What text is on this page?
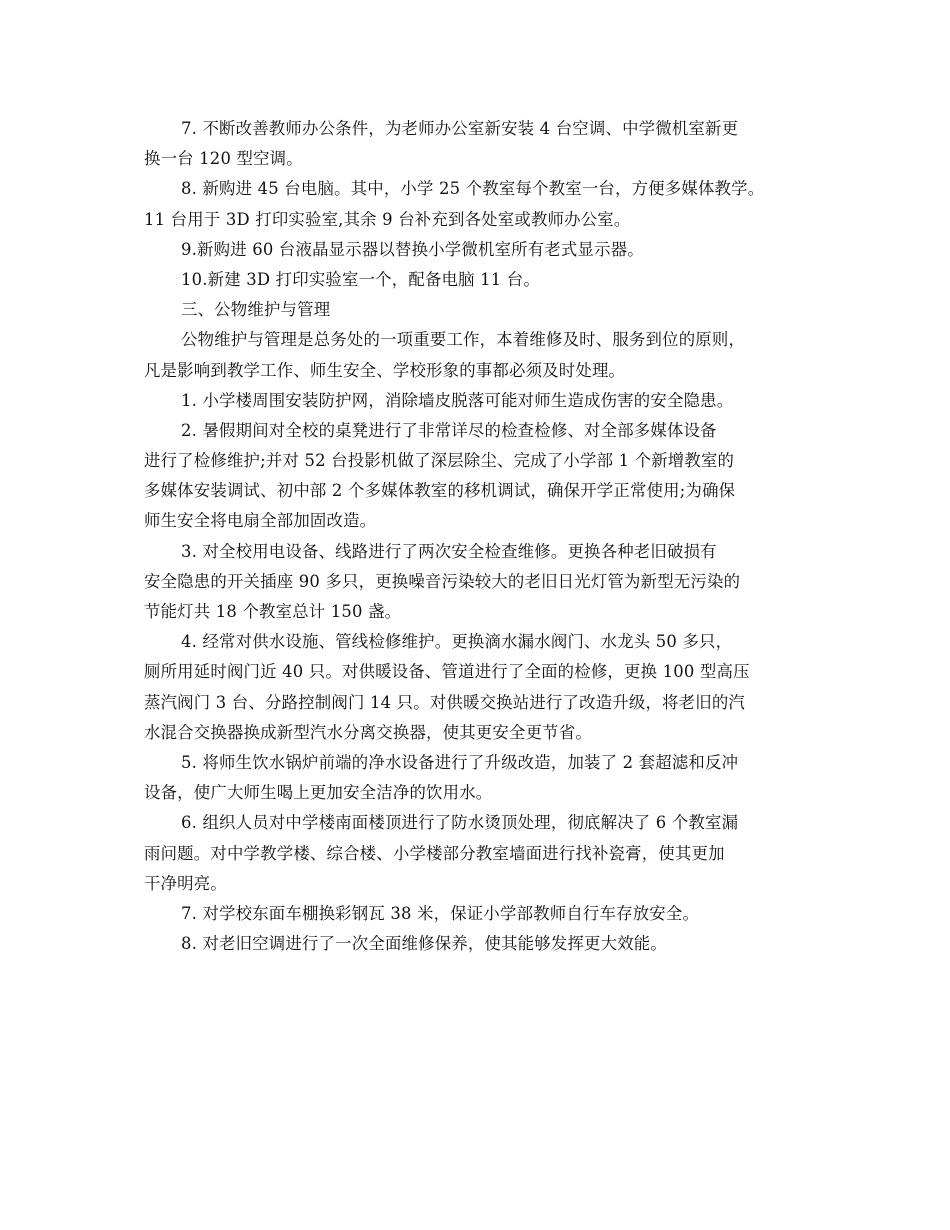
7. 不断改善教师办公条件，为老师办公室新安装 4 台空调、中学微机室新更
换一台 120 型空调。
8. 新购进 45 台电脑。其中，小学 25 个教室每个教室一台，方便多媒体教学。
11 台用于 3D 打印实验室,其余 9 台补充到各处室或教师办公室。
9.新购进 60 台液晶显示器以替换小学微机室所有老式显示器。
10.新建 3D 打印实验室一个，配备电脑 11 台。
三、公物维护与管理
公物维护与管理是总务处的一项重要工作，本着维修及时、服务到位的原则，
凡是影响到教学工作、师生安全、学校形象的事都必须及时处理。
1. 小学楼周围安装防护网，消除墙皮脱落可能对师生造成伤害的安全隐患。
2. 暑假期间对全校的桌凳进行了非常详尽的检查检修、对全部多媒体设备
进行了检修维护;并对 52 台投影机做了深层除尘、完成了小学部 1 个新增教室的
多媒体安装调试、初中部 2 个多媒体教室的移机调试，确保开学正常使用;为确保
师生安全将电扇全部加固改造。
3. 对全校用电设备、线路进行了两次安全检查维修。更换各种老旧破损有
安全隐患的开关插座 90 多只，更换噪音污染较大的老旧日光灯管为新型无污染的
节能灯共 18 个教室总计 150 盏。
4. 经常对供水设施、管线检修维护。更换滴水漏水阀门、水龙头 50 多只，
厕所用延时阀门近 40 只。对供暖设备、管道进行了全面的检修，更换 100 型高压
蒸汽阀门 3 台、分路控制阀门 14 只。对供暖交换站进行了改造升级，将老旧的汽
水混合交换器换成新型汽水分离交换器，使其更安全更节省。
5. 将师生饮水锅炉前端的净水设备进行了升级改造，加装了 2 套超滤和反冲
设备，使广大师生喝上更加安全洁净的饮用水。
6. 组织人员对中学楼南面楼顶进行了防水烫顶处理，彻底解决了 6 个教室漏
雨问题。对中学教学楼、综合楼、小学楼部分教室墙面进行找补瓷膏，使其更加
干净明亮。
7. 对学校东面车棚换彩钢瓦 38 米，保证小学部教师自行车存放安全。
8. 对老旧空调进行了一次全面维修保养，使其能够发挥更大效能。
